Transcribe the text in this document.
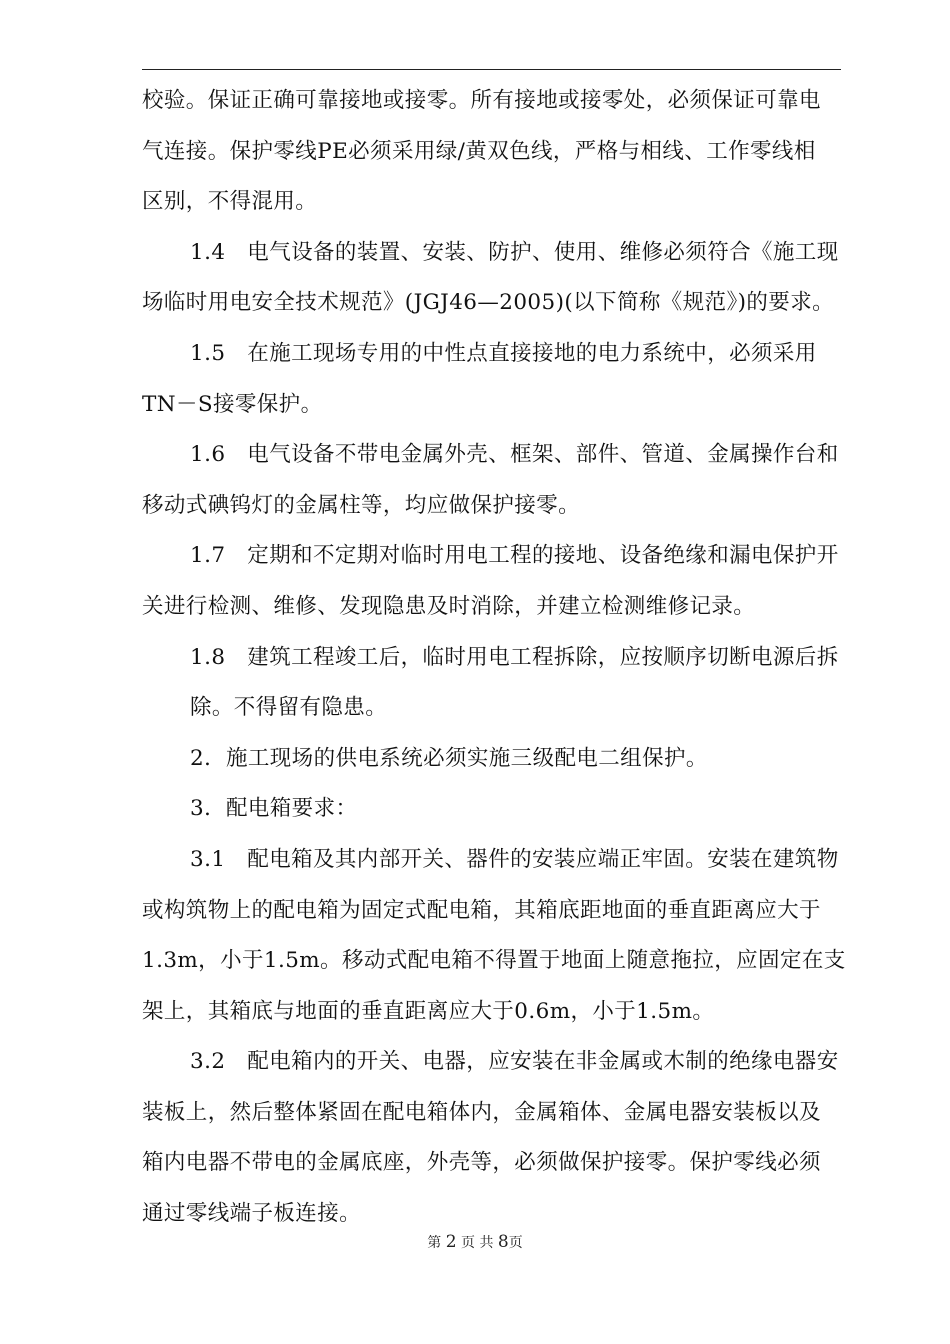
校验。保证正确可靠接地或接零。所有接地或接零处，必须保证可靠电
气连接。保护零线PE必须采用绿/黄双色线，严格与相线、工作零线相
区别，不得混用。
1.4　电气设备的装置、安装、防护、使用、维修必须符合《施工现
场临时用电安全技术规范》(JGJ46—2005)(以下简称《规范》)的要求。
1.5　在施工现场专用的中性点直接接地的电力系统中，必须采用
TN－S接零保护。
1.6　电气设备不带电金属外壳、框架、部件、管道、金属操作台和
移动式碘钨灯的金属柱等，均应做保护接零。
1.7　定期和不定期对临时用电工程的接地、设备绝缘和漏电保护开
关进行检测、维修、发现隐患及时消除，并建立检测维修记录。
1.8　建筑工程竣工后，临时用电工程拆除，应按顺序切断电源后拆
除。不得留有隐患。
2．施工现场的供电系统必须实施三级配电二组保护。
3．配电箱要求：
3.1　配电箱及其内部开关、器件的安装应端正牢固。安装在建筑物
或构筑物上的配电箱为固定式配电箱，其箱底距地面的垂直距离应大于
1.3m，小于1.5m。移动式配电箱不得置于地面上随意拖拉，应固定在支
架上，其箱底与地面的垂直距离应大于0.6m，小于1.5m。
3.2　配电箱内的开关、电器，应安装在非金属或木制的绝缘电器安
装板上，然后整体紧固在配电箱体内，金属箱体、金属电器安装板以及
箱内电器不带电的金属底座，外壳等，必须做保护接零。保护零线必须
通过零线端子板连接。
第 2 页 共 8页
